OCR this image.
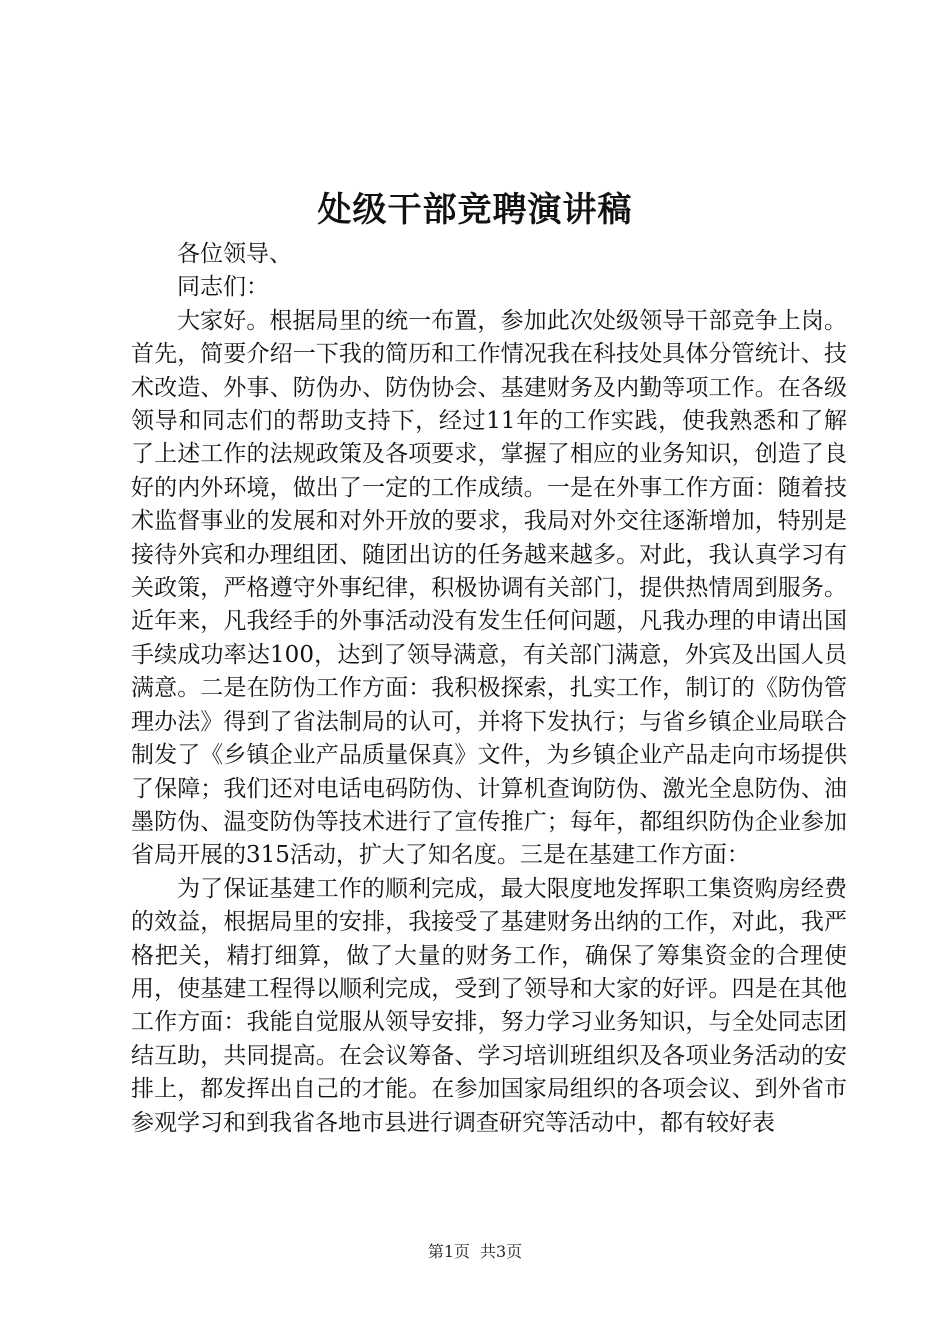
处级干部竞聘演讲稿

各位领导、

同志们：

大家好。根据局里的统一布置，参加此次处级领导干部竞争上岗。首先，简要介绍一下我的简历和工作情况我在科技处具体分管统计、技术改造、外事、防伪办、防伪协会、基建财务及内勤等项工作。在各级领导和同志们的帮助支持下，经过11年的工作实践，使我熟悉和了解了上述工作的法规政策及各项要求，掌握了相应的业务知识，创造了良好的内外环境，做出了一定的工作成绩。一是在外事工作方面：随着技术监督事业的发展和对外开放的要求，我局对外交往逐渐增加，特别是接待外宾和办理组团、随团出访的任务越来越多。对此，我认真学习有关政策，严格遵守外事纪律，积极协调有关部门，提供热情周到服务。近年来，凡我经手的外事活动没有发生任何问题，凡我办理的申请出国手续成功率达100，达到了领导满意，有关部门满意，外宾及出国人员满意。二是在防伪工作方面：我积极探索，扎实工作，制订的《防伪管理办法》得到了省法制局的认可，并将下发执行；与省乡镇企业局联合制发了《乡镇企业产品质量保真》文件，为乡镇企业产品走向市场提供了保障；我们还对电话电码防伪、计算机查询防伪、激光全息防伪、油墨防伪、温变防伪等技术进行了宣传推广；每年，都组织防伪企业参加省局开展的315活动，扩大了知名度。三是在基建工作方面：

为了保证基建工作的顺利完成，最大限度地发挥职工集资购房经费的效益，根据局里的安排，我接受了基建财务出纳的工作，对此，我严格把关，精打细算，做了大量的财务工作，确保了筹集资金的合理使用，使基建工程得以顺利完成，受到了领导和大家的好评。四是在其他工作方面：我能自觉服从领导安排，努力学习业务知识，与全处同志团结互助，共同提高。在会议筹备、学习培训班组织及各项业务活动的安排上，都发挥出自己的才能。在参加国家局组织的各项会议、到外省市参观学习和到我省各地市县进行调查研究等活动中，都有较好表

第1页 共3页
